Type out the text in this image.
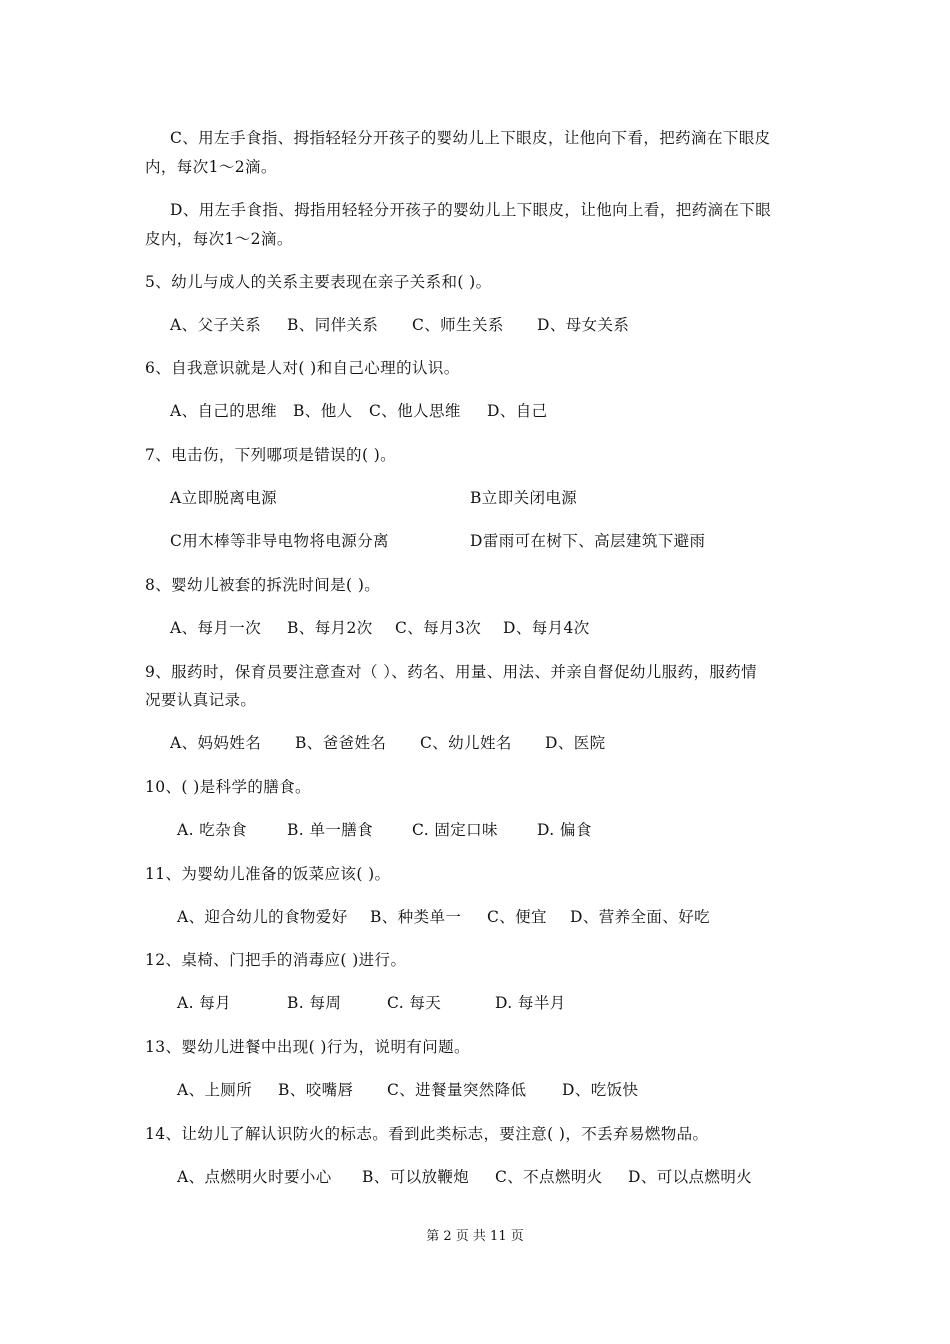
C、用左手食指、拇指轻轻分开孩子的婴幼儿上下眼皮，让他向下看，把药滴在下眼皮
内，每次1～2滴。
D、用左手食指、拇指用轻轻分开孩子的婴幼儿上下眼皮，让他向上看，把药滴在下眼
皮内，每次1～2滴。
5、幼儿与成人的关系主要表现在亲子关系和( )。
A、父子关系 B、同伴关系 C、师生关系 D、母女关系
6、自我意识就是人对( )和自己心理的认识。
A、自己的思维 B、他人 C、他人思维 D、自己
7、电击伤，下列哪项是错误的( )。
A立即脱离电源	B立即关闭电源
C用木棒等非导电物将电源分离	D雷雨可在树下、高层建筑下避雨
8、婴幼儿被套的拆洗时间是( )。
A、每月一次 B、每月2次 C、每月3次 D、每月4次
9、服药时，保育员要注意查对（ ）、药名、用量、用法、并亲自督促幼儿服药，服药情
况要认真记录。
A、妈妈姓名 B、爸爸姓名 C、幼儿姓名 D、医院
10、( )是科学的膳食。
A. 吃杂食	B. 单一膳食	C. 固定口味	D. 偏食
11、为婴幼儿准备的饭菜应该( )。
A、迎合幼儿的食物爱好 B、种类单一 C、便宜 D、营养全面、好吃
12、桌椅、门把手的消毒应( )进行。
A. 每月	B. 每周	C. 每天	D. 每半月
13、婴幼儿进餐中出现( )行为，说明有问题。
A、上厕所 B、咬嘴唇 C、进餐量突然降低 D、吃饭快
14、让幼儿了解认识防火的标志。看到此类标志，要注意( )，不丢弃易燃物品。
A、点燃明火时要小心 B、可以放鞭炮 C、不点燃明火 D、可以点燃明火
第 2 页 共 11 页
